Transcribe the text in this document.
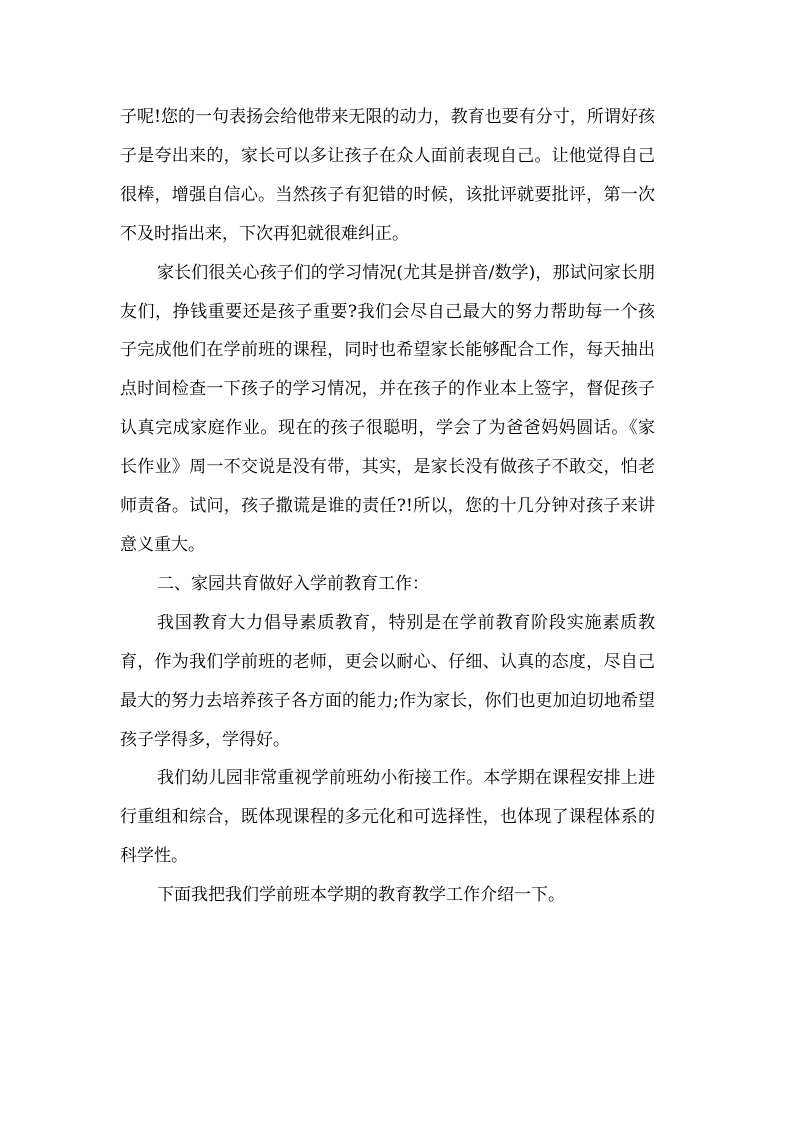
子呢!您的一句表扬会给他带来无限的动力，教育也要有分寸，所谓好孩子是夸出来的，家长可以多让孩子在众人面前表现自己。让他觉得自己很棒，增强自信心。当然孩子有犯错的时候，该批评就要批评，第一次不及时指出来，下次再犯就很难纠正。

家长们很关心孩子们的学习情况(尤其是拼音/数学)，那试问家长朋友们，挣钱重要还是孩子重要?我们会尽自己最大的努力帮助每一个孩子完成他们在学前班的课程，同时也希望家长能够配合工作，每天抽出点时间检查一下孩子的学习情况，并在孩子的作业本上签字，督促孩子认真完成家庭作业。现在的孩子很聪明，学会了为爸爸妈妈圆话。《家长作业》周一不交说是没有带，其实，是家长没有做孩子不敢交，怕老师责备。试问，孩子撒谎是谁的责任?!所以，您的十几分钟对孩子来讲意义重大。

二、家园共育做好入学前教育工作：

我国教育大力倡导素质教育，特别是在学前教育阶段实施素质教育，作为我们学前班的老师，更会以耐心、仔细、认真的态度，尽自己最大的努力去培养孩子各方面的能力;作为家长，你们也更加迫切地希望孩子学得多，学得好。

我们幼儿园非常重视学前班幼小衔接工作。本学期在课程安排上进行重组和综合，既体现课程的多元化和可选择性，也体现了课程体系的科学性。

下面我把我们学前班本学期的教育教学工作介绍一下。
